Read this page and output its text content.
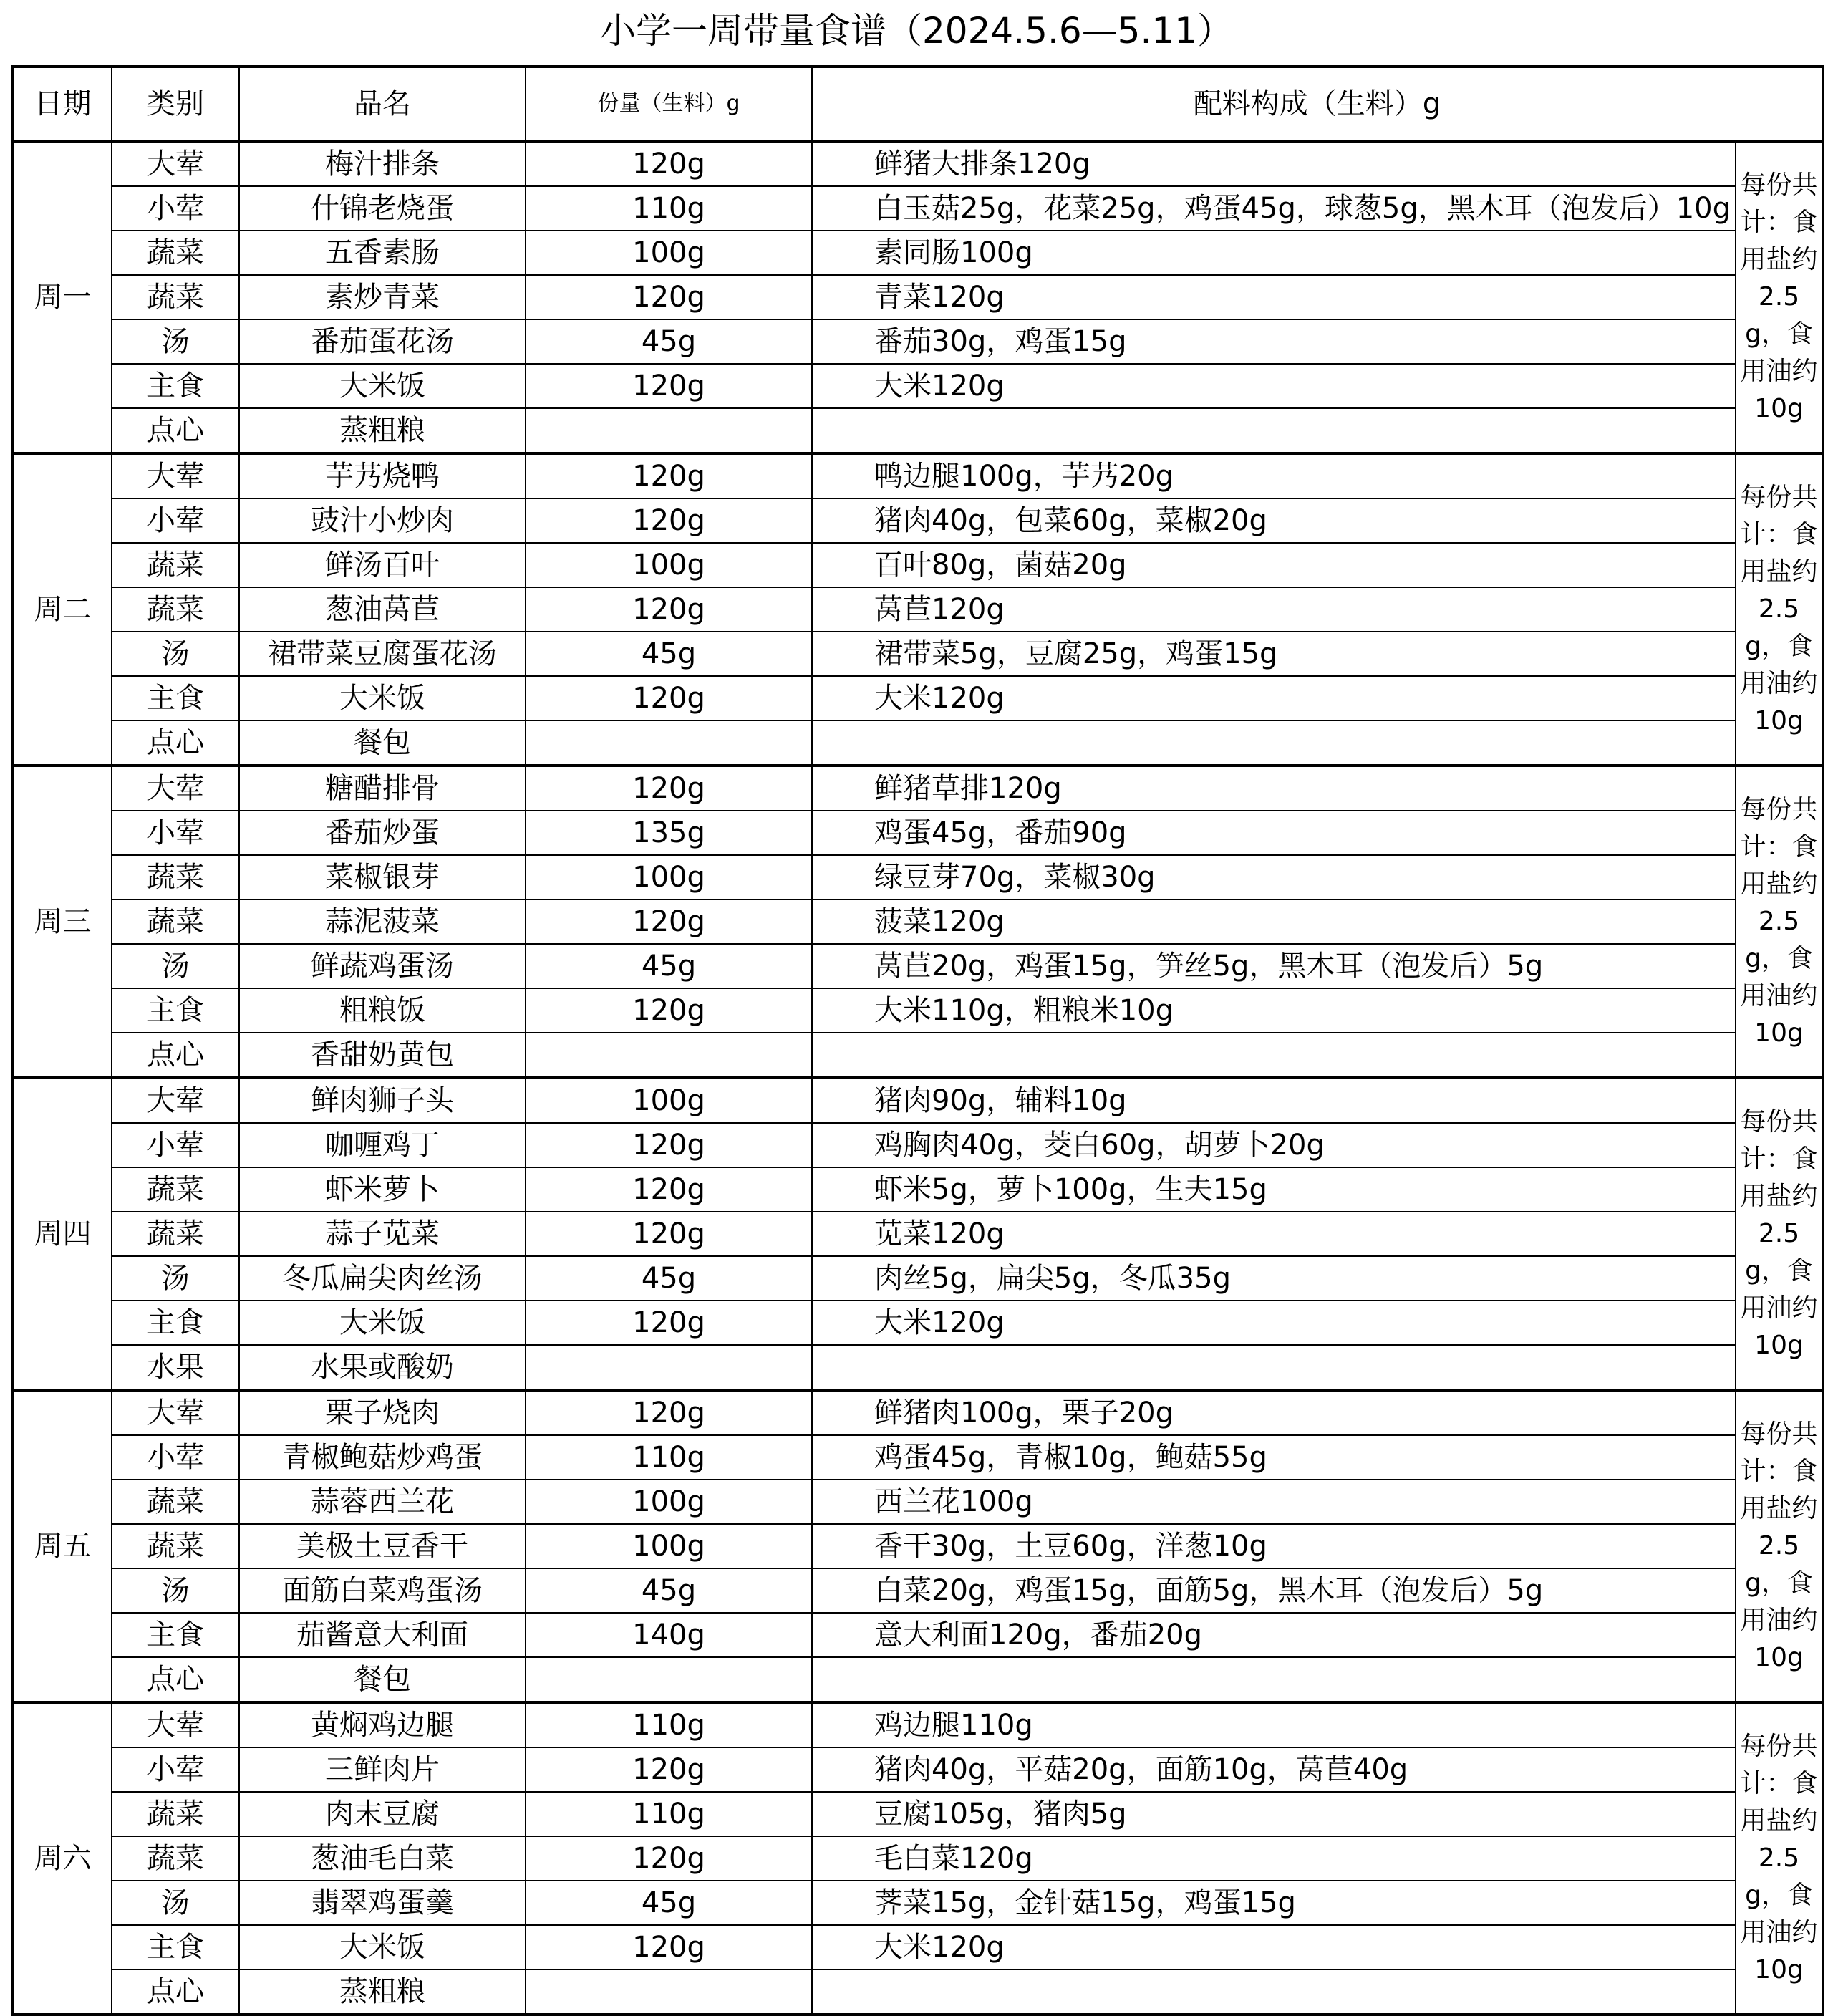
小学一周带量食谱（2024.5.6—5.11）
日期	类别	品名	份量（生料）g	配料构成（生料）g	
周一	大荤	梅汁排条	120g	鲜猪大排条120g	每份共计：食用盐约2.5g，食用油约10g
	小荤	什锦老烧蛋	110g	白玉菇25g，花菜25g，鸡蛋45g，球葱5g，黑木耳（泡发后）10g	
	蔬菜	五香素肠	100g	素同肠100g	
	蔬菜	素炒青菜	120g	青菜120g	
	汤	番茄蛋花汤	45g	番茄30g，鸡蛋15g	
	主食	大米饭	120g	大米120g	
	点心	蒸粗粮			
周二	大荤	芋艿烧鸭	120g	鸭边腿100g，芋艿20g	每份共计：食用盐约2.5g，食用油约10g
	小荤	豉汁小炒肉	120g	猪肉40g，包菜60g，菜椒20g	
	蔬菜	鲜汤百叶	100g	百叶80g，菌菇20g	
	蔬菜	葱油莴苣	120g	莴苣120g	
	汤	裙带菜豆腐蛋花汤	45g	裙带菜5g，豆腐25g，鸡蛋15g	
	主食	大米饭	120g	大米120g	
	点心	餐包			
周三	大荤	糖醋排骨	120g	鲜猪草排120g	每份共计：食用盐约2.5g，食用油约10g
	小荤	番茄炒蛋	135g	鸡蛋45g，番茄90g	
	蔬菜	菜椒银芽	100g	绿豆芽70g，菜椒30g	
	蔬菜	蒜泥菠菜	120g	菠菜120g	
	汤	鲜蔬鸡蛋汤	45g	莴苣20g，鸡蛋15g，笋丝5g，黑木耳（泡发后）5g	
	主食	粗粮饭	120g	大米110g，粗粮米10g	
	点心	香甜奶黄包			
周四	大荤	鲜肉狮子头	100g	猪肉90g，辅料10g	每份共计：食用盐约2.5g，食用油约10g
	小荤	咖喱鸡丁	120g	鸡胸肉40g，茭白60g，胡萝卜20g	
	蔬菜	虾米萝卜	120g	虾米5g，萝卜100g，生夫15g	
	蔬菜	蒜子苋菜	120g	苋菜120g	
	汤	冬瓜扁尖肉丝汤	45g	肉丝5g，扁尖5g，冬瓜35g	
	主食	大米饭	120g	大米120g	
	水果	水果或酸奶			
周五	大荤	栗子烧肉	120g	鲜猪肉100g，栗子20g	每份共计：食用盐约2.5g，食用油约10g
	小荤	青椒鲍菇炒鸡蛋	110g	鸡蛋45g，青椒10g，鲍菇55g	
	蔬菜	蒜蓉西兰花	100g	西兰花100g	
	蔬菜	美极土豆香干	100g	香干30g，土豆60g，洋葱10g	
	汤	面筋白菜鸡蛋汤	45g	白菜20g，鸡蛋15g，面筋5g，黑木耳（泡发后）5g	
	主食	茄酱意大利面	140g	意大利面120g，番茄20g	
	点心	餐包			
周六	大荤	黄焖鸡边腿	110g	鸡边腿110g	每份共计：食用盐约2.5g，食用油约10g
	小荤	三鲜肉片	120g	猪肉40g，平菇20g，面筋10g，莴苣40g	
	蔬菜	肉末豆腐	110g	豆腐105g，猪肉5g	
	蔬菜	葱油毛白菜	120g	毛白菜120g	
	汤	翡翠鸡蛋羹	45g	荠菜15g，金针菇15g，鸡蛋15g	
	主食	大米饭	120g	大米120g	
	点心	蒸粗粮			
